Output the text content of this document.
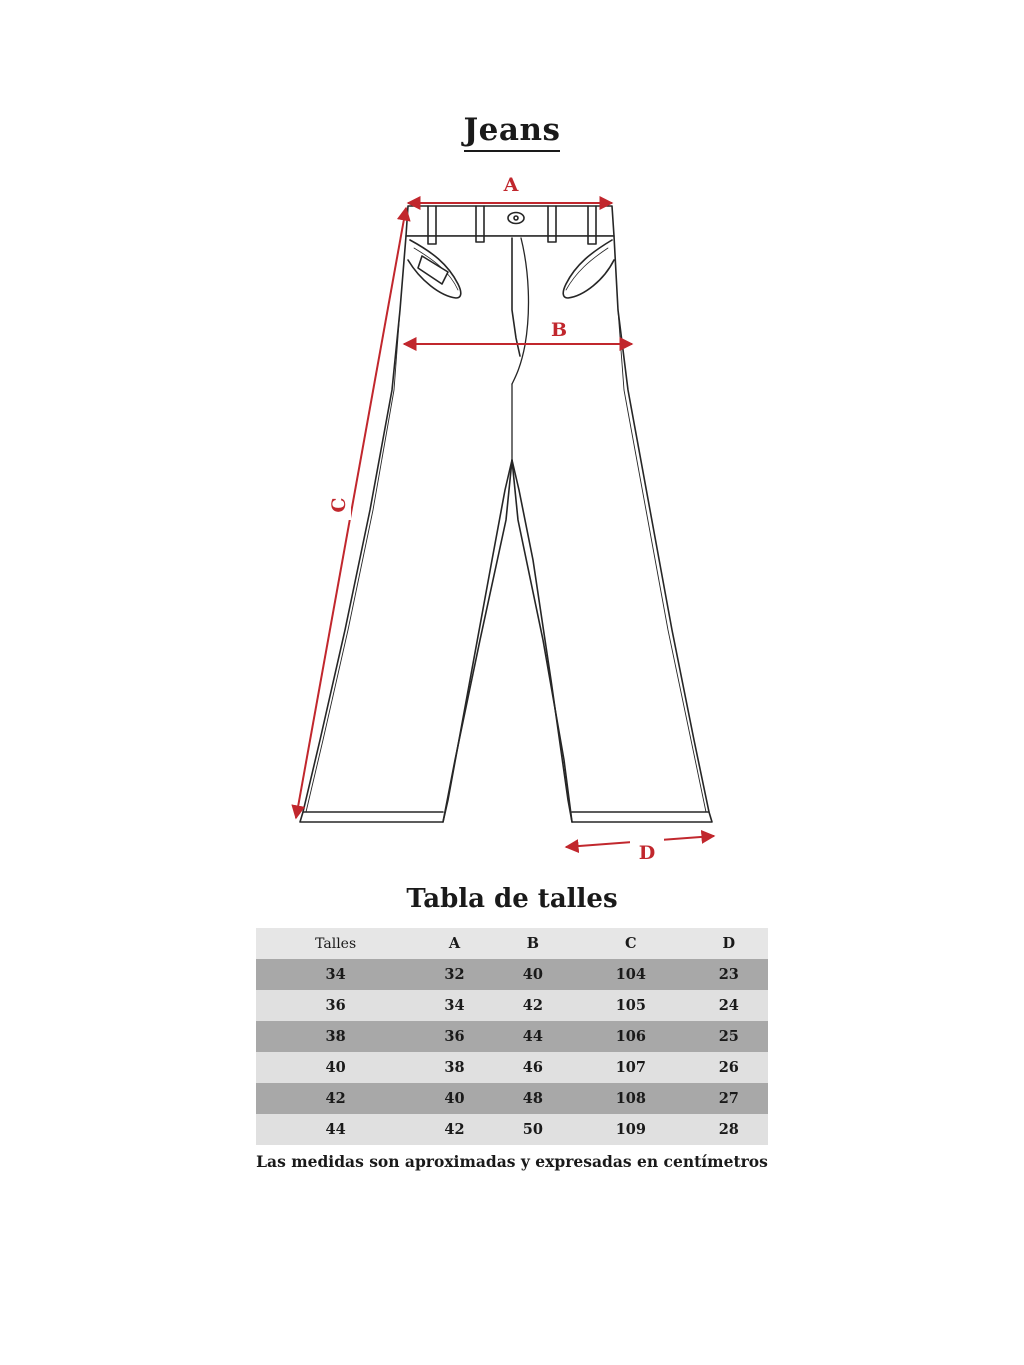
Jeans
A
B
C
D
Tabla de talles
Talles	A	B	C	D
34	32	40	104	23
36	34	42	105	24
38	36	44	106	25
40	38	46	107	26
42	40	48	108	27
44	42	50	109	28
Las medidas son aproximadas y expresadas en centímetros
